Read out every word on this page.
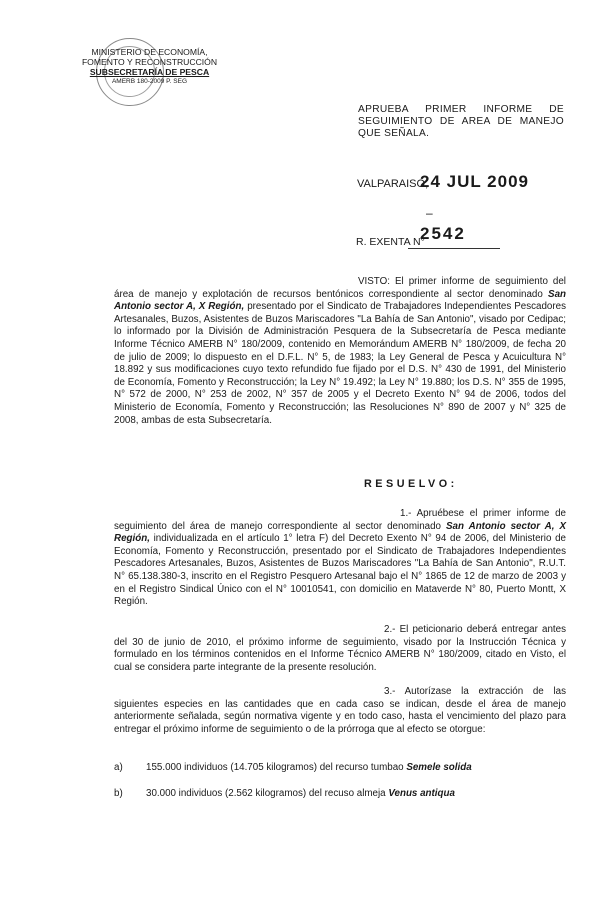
MINISTERIO DE ECONOMÍA,
FOMENTO Y RECONSTRUCCIÓN
SUBSECRETARÍA DE PESCA
AMERB 180-2009 P. SEG
APRUEBA PRIMER INFORME DE SEGUIMIENTO DE AREA DE MANEJO QUE SEÑALA.
VALPARAISO,
24 JUL 2009
–
R. EXENTA N°
2542
VISTO: El primer informe de seguimiento del área de manejo y explotación de recursos bentónicos correspondiente al sector denominado San Antonio sector A, X Región, presentado por el Sindicato de Trabajadores Independientes Pescadores Artesanales, Buzos, Asistentes de Buzos Mariscadores "La Bahía de San Antonio", visado por Cedipac; lo informado por la División de Administración Pesquera de la Subsecretaría de Pesca mediante Informe Técnico AMERB N° 180/2009, contenido en Memorándum AMERB N° 180/2009, de fecha 20 de julio de 2009; lo dispuesto en el D.F.L. N° 5, de 1983; la Ley General de Pesca y Acuicultura N° 18.892 y sus modificaciones cuyo texto refundido fue fijado por el D.S. N° 430 de 1991, del Ministerio de Economía, Fomento y Reconstrucción; la Ley N° 19.492; la Ley N° 19.880; los D.S. N° 355 de 1995, N° 572 de 2000, N° 253 de 2002, N° 357 de 2005 y el Decreto Exento N° 94 de 2006, todos del Ministerio de Economía, Fomento y Reconstrucción; las Resoluciones N° 890 de 2007 y N° 325 de 2008, ambas de esta Subsecretaría.
RESUELVO:
1.- Apruébese el primer informe de seguimiento del área de manejo correspondiente al sector denominado San Antonio sector A, X Región, individualizada en el artículo 1° letra F) del Decreto Exento N° 94 de 2006, del Ministerio de Economía, Fomento y Reconstrucción, presentado por el Sindicato de Trabajadores Independientes Pescadores Artesanales, Buzos, Asistentes de Buzos Mariscadores "La Bahía de San Antonio", R.U.T. N° 65.138.380-3, inscrito en el Registro Pesquero Artesanal bajo el N° 1865 de 12 de marzo de 2003 y en el Registro Sindical Único con el N° 10010541, con domicilio en Mataverde N° 80, Puerto Montt, X Región.
2.- El peticionario deberá entregar antes del 30 de junio de 2010, el próximo informe de seguimiento, visado por la Instrucción Técnica y formulado en los términos contenidos en el Informe Técnico AMERB N° 180/2009, citado en Visto, el cual se considera parte integrante de la presente resolución.
3.- Autorízase la extracción de las siguientes especies en las cantidades que en cada caso se indican, desde el área de manejo anteriormente señalada, según normativa vigente y en todo caso, hasta el vencimiento del plazo para entregar el próximo informe de seguimiento o de la prórroga que al efecto se otorgue:
a) 155.000 individuos (14.705 kilogramos) del recurso tumbao Semele solida
b) 30.000 individuos (2.562 kilogramos) del recuso almeja Venus antiqua
